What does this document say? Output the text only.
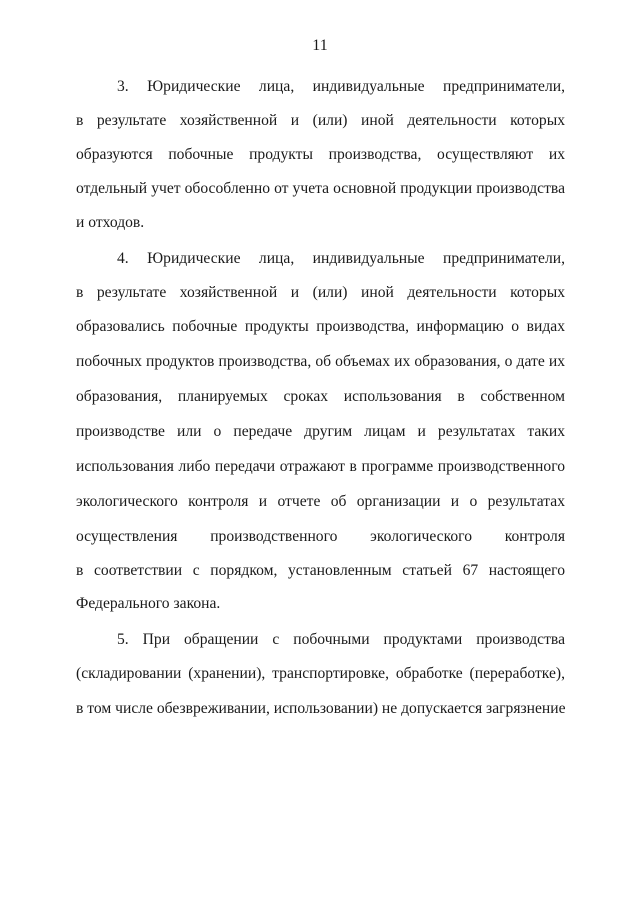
11
3. Юридические лица, индивидуальные предприниматели,
в результате хозяйственной и (или) иной деятельности которых
образуются побочные продукты производства, осуществляют их
отдельный учет обособленно от учета основной продукции производства
и отходов.
4. Юридические лица, индивидуальные предприниматели,
в результате хозяйственной и (или) иной деятельности которых
образовались побочные продукты производства, информацию о видах
побочных продуктов производства, об объемах их образования, о дате их
образования, планируемых сроках использования в собственном
производстве или о передаче другим лицам и результатах таких
использования либо передачи отражают в программе производственного
экологического контроля и отчете об организации и о результатах
осуществления производственного экологического контроля
в соответствии с порядком, установленным статьей 67 настоящего
Федерального закона.
5. При обращении с побочными продуктами производства
(складировании (хранении), транспортировке, обработке (переработке),
в том числе обезвреживании, использовании) не допускается загрязнение
